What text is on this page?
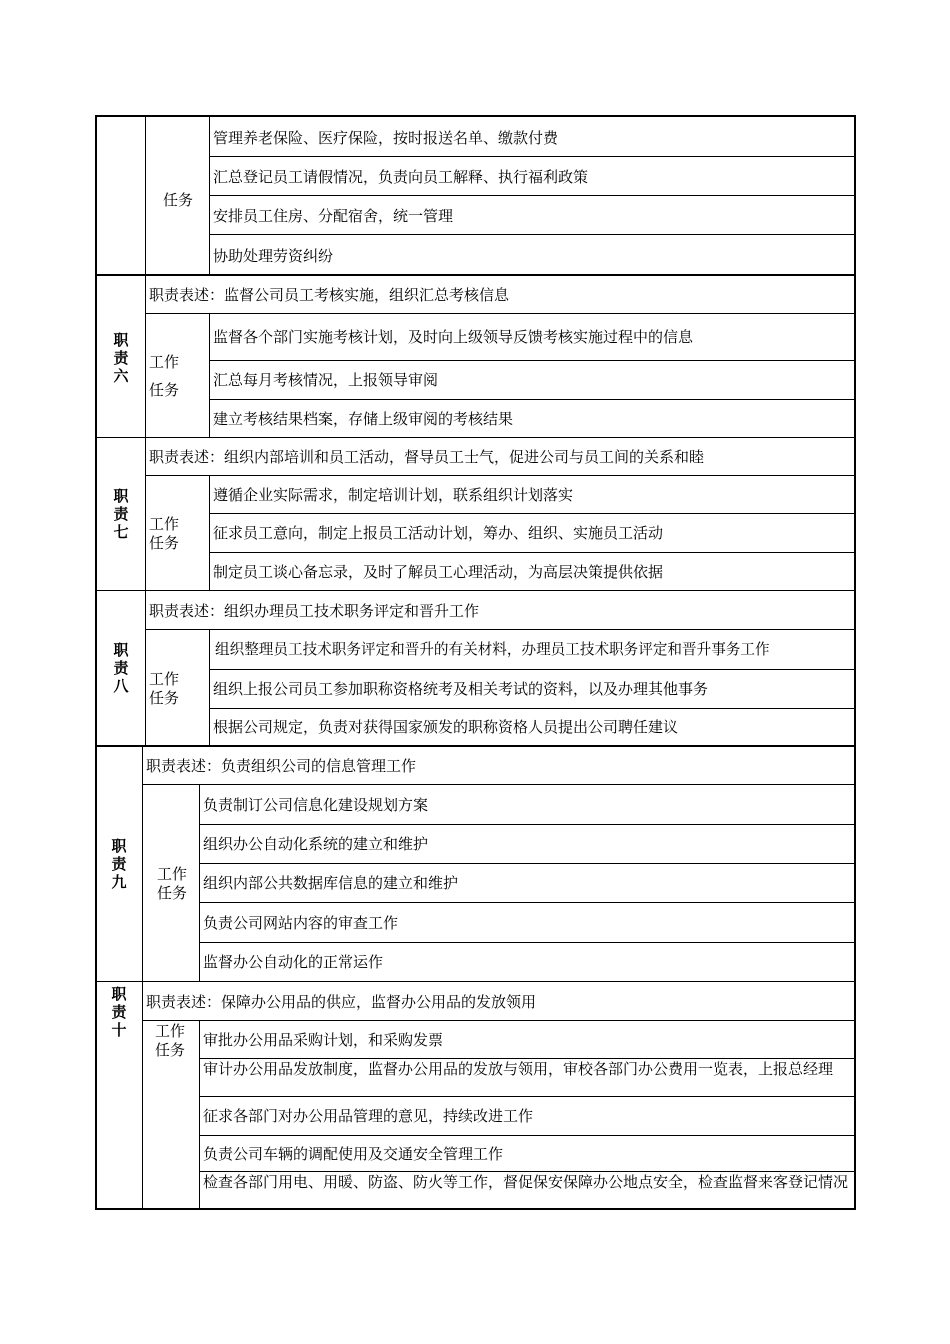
任务
管理养老保险、医疗保险，按时报送名单、缴款付费
汇总登记员工请假情况，负责向员工解释、执行福利政策
安排员工住房、分配宿舍，统一管理
协助处理劳资纠纷
职
责
六
职责表述：监督公司员工考核实施，组织汇总考核信息
工作
任务
监督各个部门实施考核计划，及时向上级领导反馈考核实施过程中的信息
汇总每月考核情况，上报领导审阅
建立考核结果档案，存储上级审阅的考核结果
职
责
七
职责表述：组织内部培训和员工活动，督导员工士气，促进公司与员工间的关系和睦
工作
任务
遵循企业实际需求，制定培训计划，联系组织计划落实
征求员工意向，制定上报员工活动计划，筹办、组织、实施员工活动
制定员工谈心备忘录，及时了解员工心理活动，为高层决策提供依据
职
责
八
职责表述：组织办理员工技术职务评定和晋升工作
工作
任务
组织整理员工技术职务评定和晋升的有关材料，办理员工技术职务评定和晋升事务工作
组织上报公司员工参加职称资格统考及相关考试的资料，以及办理其他事务
根据公司规定，负责对获得国家颁发的职称资格人员提出公司聘任建议
职
责
九
职责表述：负责组织公司的信息管理工作
工作
任务
负责制订公司信息化建设规划方案
组织办公自动化系统的建立和维护
组织内部公共数据库信息的建立和维护
负责公司网站内容的审查工作
监督办公自动化的正常运作
职
责
十
职责表述：保障办公用品的供应，监督办公用品的发放领用
工作
任务
审批办公用品采购计划，和采购发票
审计办公用品发放制度，监督办公用品的发放与领用，审校各部门办公费用一览表，上报总经理
征求各部门对办公用品管理的意见，持续改进工作
负责公司车辆的调配使用及交通安全管理工作
检查各部门用电、用暖、防盗、防火等工作，督促保安保障办公地点安全，检查监督来客登记情况
